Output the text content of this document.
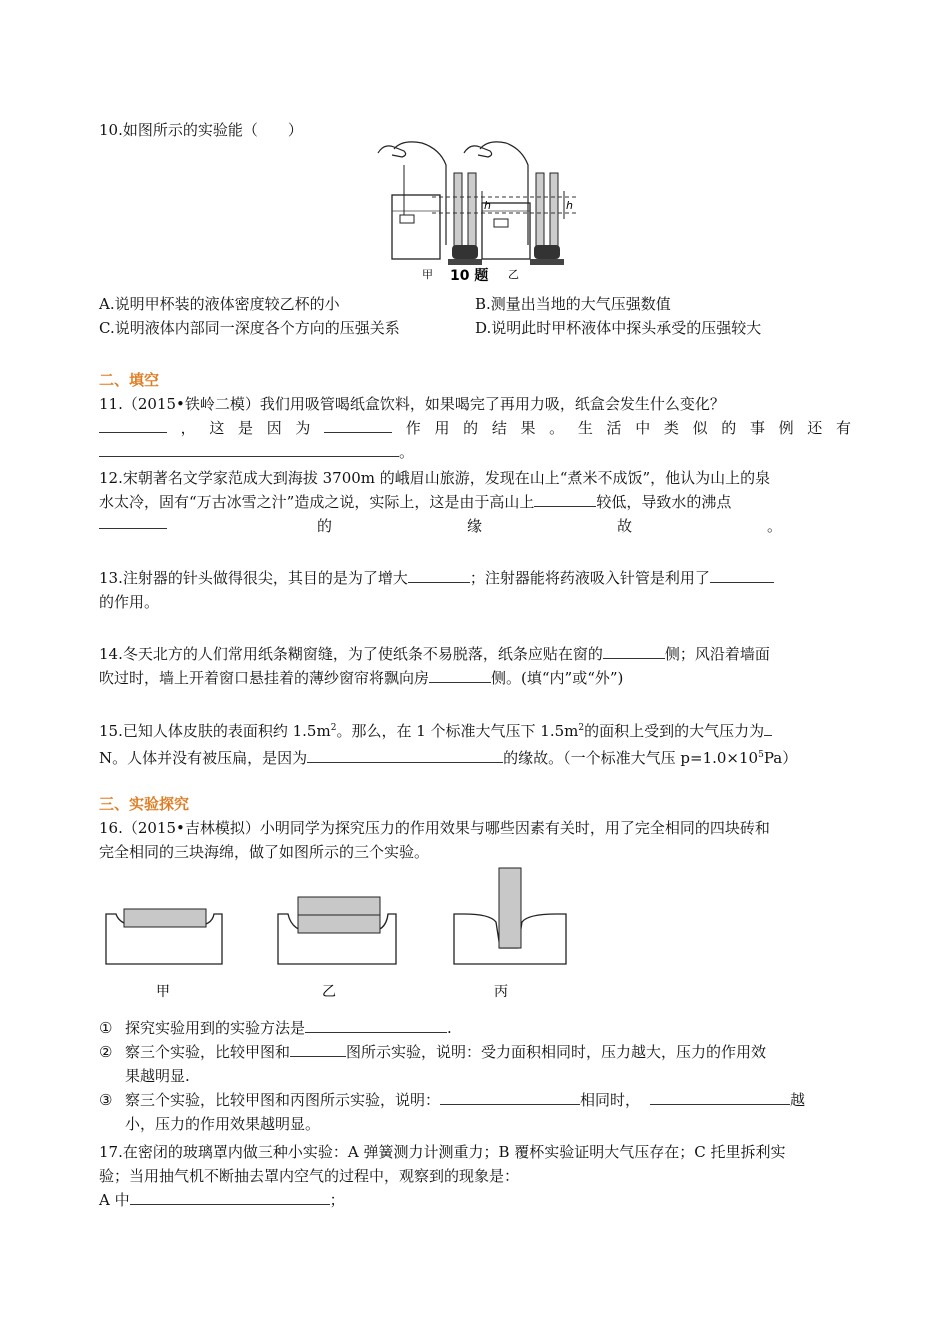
10.如图所示的实验能（　　）
h	h
甲 10 题 乙
A.说明甲杯装的液体密度较乙杯的小	B.测量出当地的大气压强数值
C.说明液体内部同一深度各个方向的压强关系	D.说明此时甲杯液体中探头承受的压强较大
二、填空
11.（2015•铁岭二模）我们用吸管喝纸盒饮料，如果喝完了再用力吸，纸盒会发生什么变化？
，这是因为	作用的结果。生活中类似的事例还有
。
12.宋朝著名文学家范成大到海拔 3700m 的峨眉山旅游，发现在山上“煮米不成饭”，他认为山上的泉
水太冷，固有“万古冰雪之汁”造成之说，实际上，这是由于高山上	较低，导致水的沸点
的　　　　　　　　　缘　　　　　　　　　故　　　　　　　　　。
13.注射器的针头做得很尖，其目的是为了增大	；注射器能将药液吸入针管是利用了
的作用。
14.冬天北方的人们常用纸条糊窗缝，为了使纸条不易脱落，纸条应贴在窗的	侧；风沿着墙面
吹过时，墙上开着窗口悬挂着的薄纱窗帘将飘向房	侧。(填“内”或“外”)
15.已知人体皮肤的表面积约 $1.5m^2$。那么，在 1 个标准大气压下 $1.5m^2$的面积上受到的大气压力为
N。人体并没有被压扁，是因为	的缘故。（一个标准大气压 $p=1.0\times 10^5Pa$）
三、实验探究
16.（2015•吉林模拟）小明同学为探究压力的作用效果与哪些因素有关时，用了完全相同的四块砖和
完全相同的三块海绵，做了如图所示的三个实验。
甲	乙	丙
① 探究实验用到的实验方法是	.
② 察三个实验，比较甲图和	图所示实验，说明：受力面积相同时，压力越大，压力的作用效
果越明显.
③ 察三个实验，比较甲图和丙图所示实验，说明：	相同时，	越
小，压力的作用效果越明显。
17.在密闭的玻璃罩内做三种小实验：A 弹簧测力计测重力；B 覆杯实验证明大气压存在；C 托里拆利实
验；当用抽气机不断抽去罩内空气的过程中，观察到的现象是：
A 中	；
